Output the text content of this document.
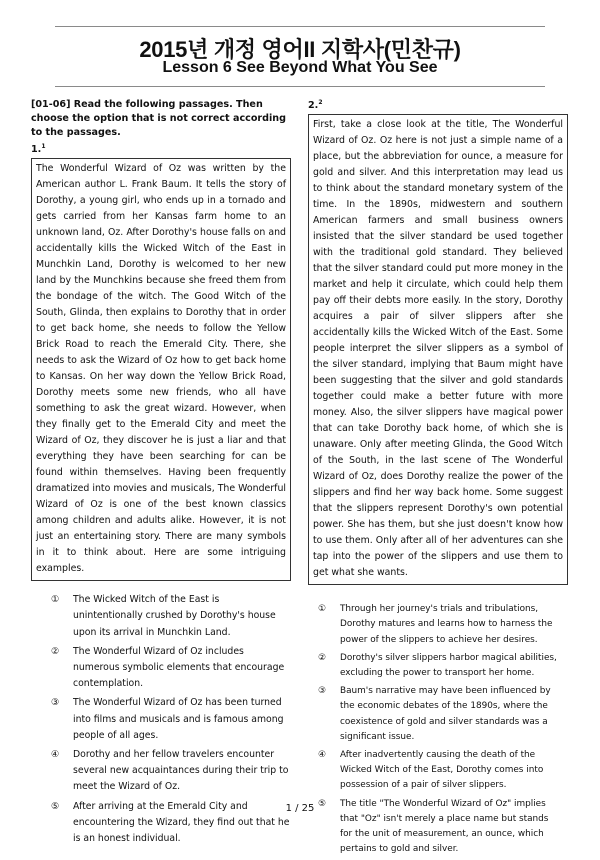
2015년 개정 영어II 지학사(민찬규)
Lesson 6 See Beyond What You See
[01-06] Read the following passages. Then choose the option that is not correct according to the passages.
1.$^1$
The Wonderful Wizard of Oz was written by the American author L. Frank Baum. It tells the story of Dorothy, a young girl, who ends up in a tornado and gets carried from her Kansas farm home to an unknown land, Oz. After Dorothy's house falls on and accidentally kills the Wicked Witch of the East in Munchkin Land, Dorothy is welcomed to her new land by the Munchkins because she freed them from the bondage of the witch. The Good Witch of the South, Glinda, then explains to Dorothy that in order to get back home, she needs to follow the Yellow Brick Road to reach the Emerald City. There, she needs to ask the Wizard of Oz how to get back home to Kansas. On her way down the Yellow Brick Road, Dorothy meets some new friends, who all have something to ask the great wizard. However, when they finally get to the Emerald City and meet the Wizard of Oz, they discover he is just a liar and that everything they have been searching for can be found within themselves. Having been frequently dramatized into movies and musicals, The Wonderful Wizard of Oz is one of the best known classics among children and adults alike. However, it is not just an entertaining story. There are many symbols in it to think about. Here are some intriguing examples.
① The Wicked Witch of the East is unintentionally crushed by Dorothy's house upon its arrival in Munchkin Land.
② The Wonderful Wizard of Oz includes numerous symbolic elements that encourage contemplation.
③ The Wonderful Wizard of Oz has been turned into films and musicals and is famous among people of all ages.
④ Dorothy and her fellow travelers encounter several new acquaintances during their trip to meet the Wizard of Oz.
⑤ After arriving at the Emerald City and encountering the Wizard, they find out that he is an honest individual.
2.$^2$
First, take a close look at the title, The Wonderful Wizard of Oz. Oz here is not just a simple name of a place, but the abbreviation for ounce, a measure for gold and silver. And this interpretation may lead us to think about the standard monetary system of the time. In the 1890s, midwestern and southern American farmers and small business owners insisted that the silver standard be used together with the traditional gold standard. They believed that the silver standard could put more money in the market and help it circulate, which could help them pay off their debts more easily. In the story, Dorothy acquires a pair of silver slippers after she accidentally kills the Wicked Witch of the East. Some people interpret the silver slippers as a symbol of the silver standard, implying that Baum might have been suggesting that the silver and gold standards together could make a better future with more money. Also, the silver slippers have magical power that can take Dorothy back home, of which she is unaware. Only after meeting Glinda, the Good Witch of the South, in the last scene of The Wonderful Wizard of Oz, does Dorothy realize the power of the slippers and find her way back home. Some suggest that the slippers represent Dorothy's own potential power. She has them, but she just doesn't know how to use them. Only after all of her adventures can she tap into the power of the slippers and use them to get what she wants.
① Through her journey's trials and tribulations, Dorothy matures and learns how to harness the power of the slippers to achieve her desires.
② Dorothy's silver slippers harbor magical abilities, excluding the power to transport her home.
③ Baum's narrative may have been influenced by the economic debates of the 1890s, where the coexistence of gold and silver standards was a significant issue.
④ After inadvertently causing the death of the Wicked Witch of the East, Dorothy comes into possession of a pair of silver slippers.
⑤ The title "The Wonderful Wizard of Oz" implies that "Oz" isn't merely a place name but stands for the unit of measurement, an ounce, which pertains to gold and silver.
1 / 25
